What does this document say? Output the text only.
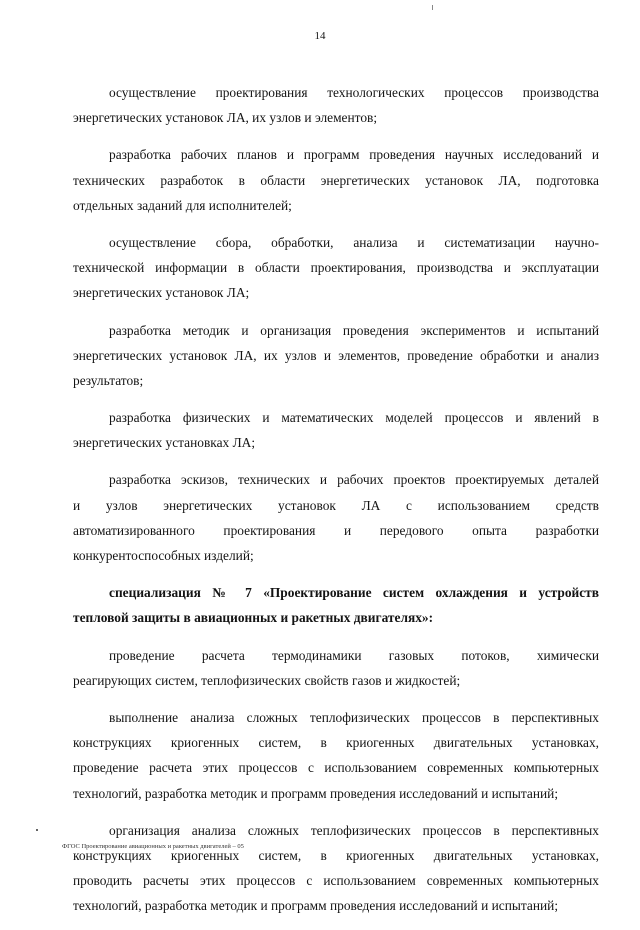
14
осуществление проектирования технологических процессов производства
энергетических установок ЛА, их узлов и элементов;
разработка рабочих планов и программ проведения научных исследований и
технических разработок в области энергетических установок ЛА, подготовка
отдельных заданий для исполнителей;
осуществление сбора, обработки, анализа и систематизации научно-
технической информации в области проектирования, производства и эксплуатации
энергетических установок ЛА;
разработка методик и организация проведения экспериментов и испытаний
энергетических установок ЛА, их узлов и элементов, проведение обработки и анализ
результатов;
разработка физических и математических моделей процессов и явлений в
энергетических установках ЛА;
разработка эскизов, технических и рабочих проектов проектируемых деталей
и узлов энергетических установок ЛА с использованием средств
автоматизированного проектирования и передового опыта разработки
конкурентоспособных изделий;
специализация № 7 «Проектирование систем охлаждения и устройств
тепловой защиты в авиационных и ракетных двигателях»:
проведение расчета термодинамики газовых потоков, химически
реагирующих систем, теплофизических свойств газов и жидкостей;
выполнение анализа сложных теплофизических процессов в перспективных
конструкциях криогенных систем, в криогенных двигательных установках,
проведение расчета этих процессов с использованием современных компьютерных
технологий, разработка методик и программ проведения исследований и испытаний;
организация анализа сложных теплофизических процессов в перспективных
конструкциях криогенных систем, в криогенных двигательных установках,
проводить расчеты этих процессов с использованием современных компьютерных
технологий, разработка методик и программ проведения исследований и испытаний;
ФГОС Проектирование авиационных и ракетных двигателей – 05
